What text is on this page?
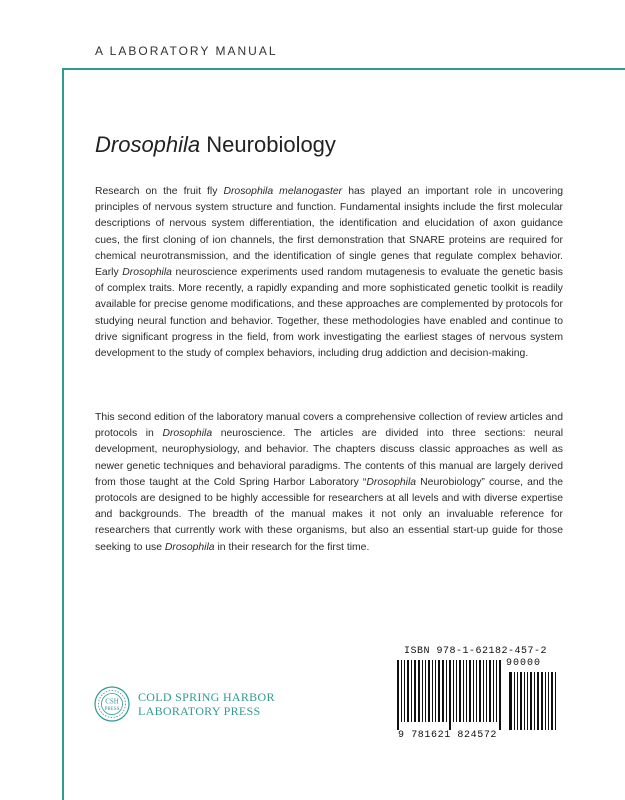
A LABORATORY MANUAL
Drosophila Neurobiology

Research on the fruit fly Drosophila melanogaster has played an important role in uncovering principles of nervous system structure and function. Fundamental insights include the first molecular descriptions of nervous system differentiation, the identification and elucidation of axon guidance cues, the first cloning of ion channels, the first demonstration that SNARE proteins are required for chemical neurotransmission, and the identification of single genes that regulate complex behavior. Early Drosophila neuroscience experiments used random mutagenesis to evaluate the genetic basis of complex traits. More recently, a rapidly expanding and more sophisticated genetic toolkit is readily available for precise genome modifications, and these approaches are complemented by protocols for studying neural function and behavior. Together, these methodologies have enabled and continue to drive significant progress in the field, from work investigating the earliest stages of nervous system development to the study of complex behaviors, including drug addiction and decision-making.

This second edition of the laboratory manual covers a comprehensive collection of review articles and protocols in Drosophila neuroscience. The articles are divided into three sections: neural development, neurophysiology, and behavior. The chapters discuss classic approaches as well as newer genetic techniques and behavioral paradigms. The contents of this manual are largely derived from those taught at the Cold Spring Harbor Laboratory “Drosophila Neurobiology” course, and the protocols are designed to be highly accessible for researchers at all levels and with diverse expertise and backgrounds. The breadth of the manual makes it not only an invaluable reference for researchers that currently work with these organisms, but also an essential start-up guide for those seeking to use Drosophila in their research for the first time.

CSH
PRESS
COLD SPRING HARBOR
LABORATORY PRESS
ISBN 978-1-62182-457-2
90000
9 781621 824572
